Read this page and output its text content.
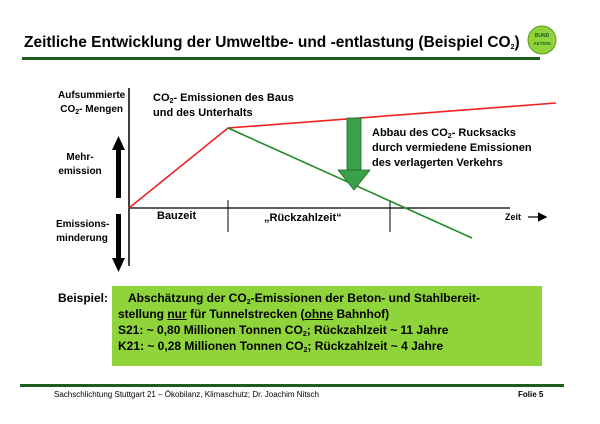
Zeitliche Entwicklung der Umweltbe- und -entlastung (Beispiel $CO_2$)	BUND
AKTION
Aufsummierte
$CO_2-$ Mengen
Mehr-
emission
Emissions-
minderung
$CO_2-$ Emissionen des Baus
und des Unterhalts
Abbau des $CO_2-$ Rucksacks
durch vermiedene Emissionen
des verlagerten Verkehrs
Bauzeit	„Rückzahlzeit“	Zeit
Beispiel: Abschätzung der $CO_2$-Emissionen der Beton- und Stahlbereit-
stellung nur für Tunnelstrecken (ohne Bahnhof)
S21: ~ 0,80 Millionen Tonnen $CO_2$; Rückzahlzeit ~ 11 Jahre
K21: ~ 0,28 Millionen Tonnen $CO_2$; Rückzahlzeit ~ 4 Jahre
Sachschlichtung Stuttgart 21 – Ökobilanz, Klimaschutz; Dr. Joachim Nitsch	Folie 5
